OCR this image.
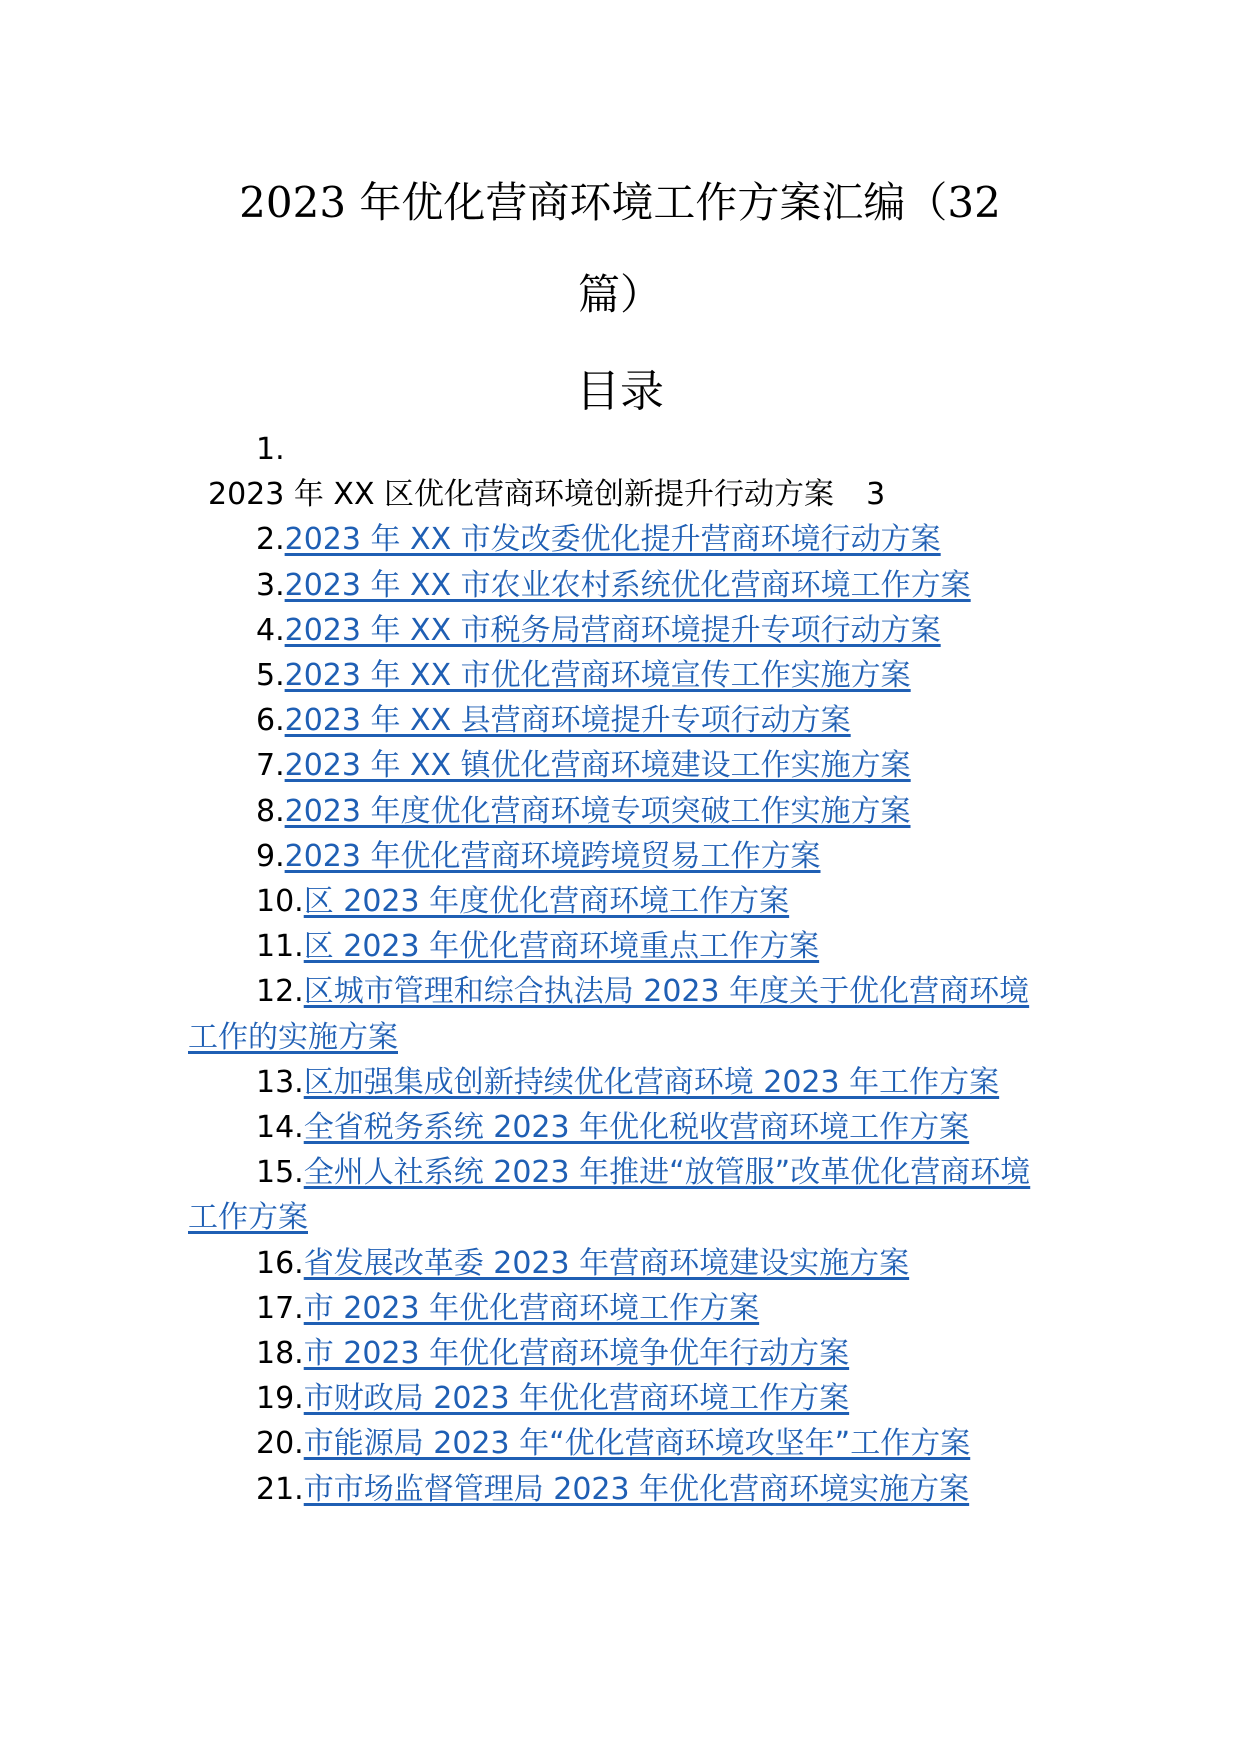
2023 年优化营商环境工作方案汇编（32
篇）
目录
1.
2023 年 XX 区优化营商环境创新提升行动方案 3
2.2023 年 XX 市发改委优化提升营商环境行动方案
3.2023 年 XX 市农业农村系统优化营商环境工作方案
4.2023 年 XX 市税务局营商环境提升专项行动方案
5.2023 年 XX 市优化营商环境宣传工作实施方案
6.2023 年 XX 县营商环境提升专项行动方案
7.2023 年 XX 镇优化营商环境建设工作实施方案
8.2023 年度优化营商环境专项突破工作实施方案
9.2023 年优化营商环境跨境贸易工作方案
10.区 2023 年度优化营商环境工作方案
11.区 2023 年优化营商环境重点工作方案
12.区城市管理和综合执法局 2023 年度关于优化营商环境工作的实施方案
13.区加强集成创新持续优化营商环境 2023 年工作方案
14.全省税务系统 2023 年优化税收营商环境工作方案
15.全州人社系统 2023 年推进“放管服”改革优化营商环境工作方案
16.省发展改革委 2023 年营商环境建设实施方案
17.市 2023 年优化营商环境工作方案
18.市 2023 年优化营商环境争优年行动方案
19.市财政局 2023 年优化营商环境工作方案
20.市能源局 2023 年“优化营商环境攻坚年”工作方案
21.市市场监督管理局 2023 年优化营商环境实施方案
